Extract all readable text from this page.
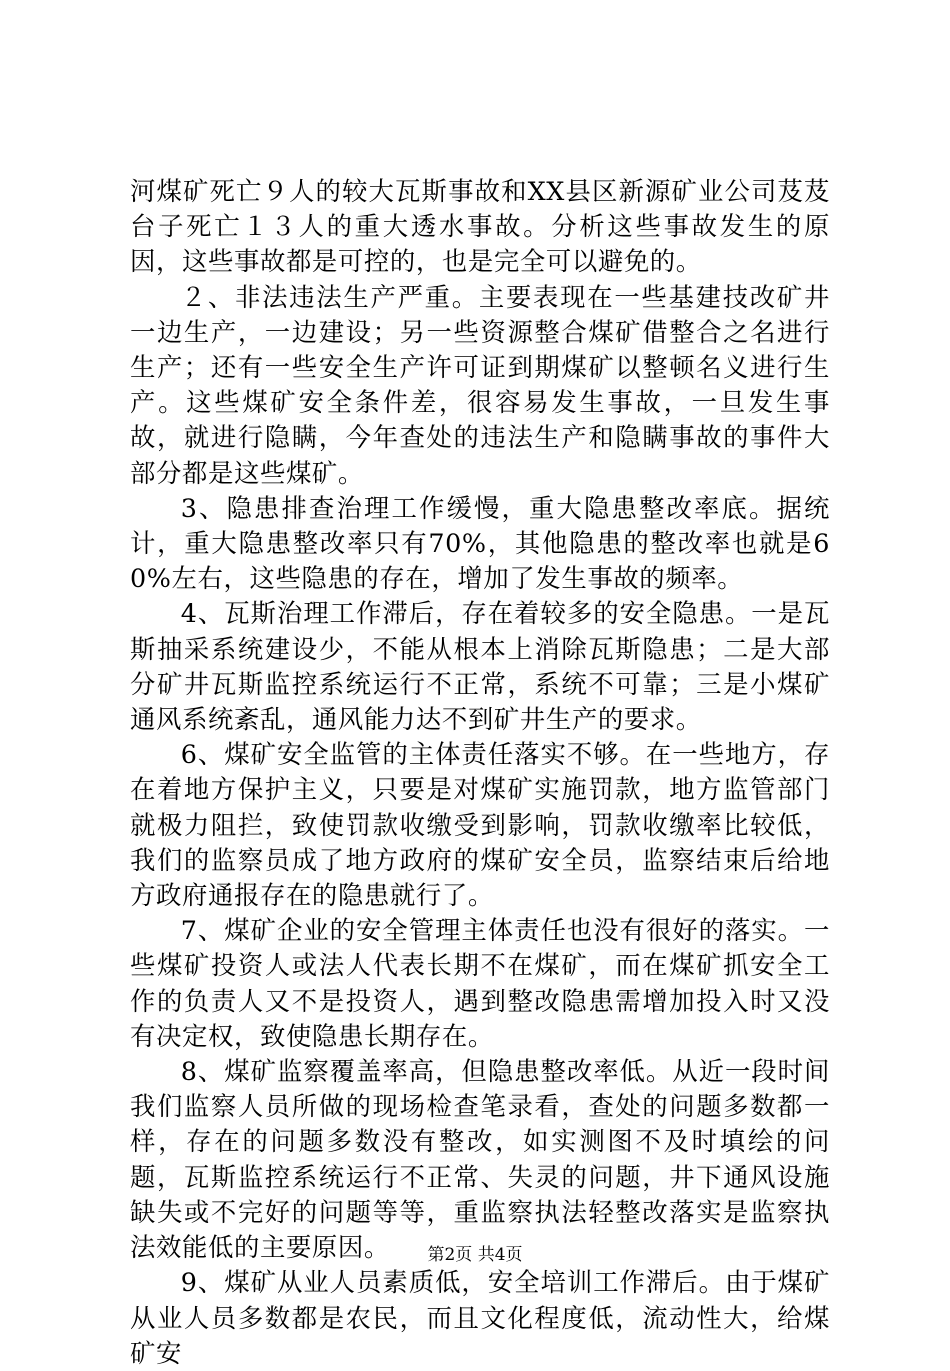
河煤矿死亡９人的较大瓦斯事故和XX县区新源矿业公司芨芨台子死亡１３人的重大透水事故。分析这些事故发生的原因，这些事故都是可控的，也是完全可以避免的。

２、非法违法生产严重。主要表现在一些基建技改矿井一边生产，一边建设；另一些资源整合煤矿借整合之名进行生产；还有一些安全生产许可证到期煤矿以整顿名义进行生产。这些煤矿安全条件差，很容易发生事故，一旦发生事故，就进行隐瞒，今年查处的违法生产和隐瞒事故的事件大部分都是这些煤矿。

3、隐患排查治理工作缓慢，重大隐患整改率底。据统计，重大隐患整改率只有70%，其他隐患的整改率也就是60%左右，这些隐患的存在，增加了发生事故的频率。

4、瓦斯治理工作滞后，存在着较多的安全隐患。一是瓦斯抽采系统建设少，不能从根本上消除瓦斯隐患；二是大部分矿井瓦斯监控系统运行不正常，系统不可靠；三是小煤矿通风系统紊乱，通风能力达不到矿井生产的要求。

6、煤矿安全监管的主体责任落实不够。在一些地方，存在着地方保护主义，只要是对煤矿实施罚款，地方监管部门就极力阻拦，致使罚款收缴受到影响，罚款收缴率比较低，我们的监察员成了地方政府的煤矿安全员，监察结束后给地方政府通报存在的隐患就行了。

7、煤矿企业的安全管理主体责任也没有很好的落实。一些煤矿投资人或法人代表长期不在煤矿，而在煤矿抓安全工作的负责人又不是投资人，遇到整改隐患需增加投入时又没有决定权，致使隐患长期存在。

8、煤矿监察覆盖率高，但隐患整改率低。从近一段时间我们监察人员所做的现场检查笔录看，查处的问题多数都一样，存在的问题多数没有整改，如实测图不及时填绘的问题，瓦斯监控系统运行不正常、失灵的问题，井下通风设施缺失或不完好的问题等等，重监察执法轻整改落实是监察执法效能低的主要原因。

9、煤矿从业人员素质低，安全培训工作滞后。由于煤矿从业人员多数都是农民，而且文化程度低，流动性大，给煤矿安

第2页 共4页
